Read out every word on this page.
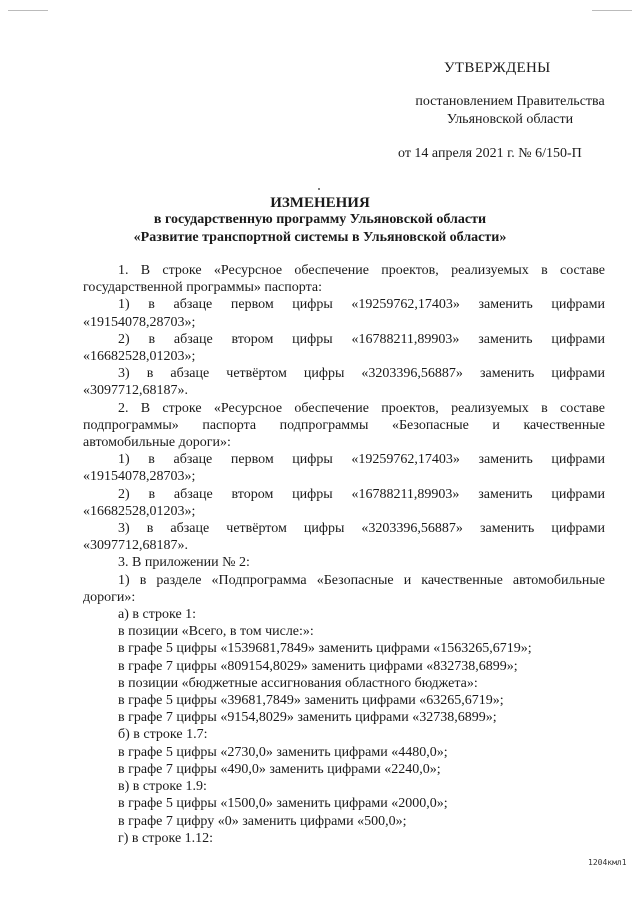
УТВЕРЖДЕНЫ
постановлением Правительства
Ульяновской области
от 14 апреля 2021 г. № 6/150-П
ИЗМЕНЕНИЯ
в государственную программу Ульяновской области
«Развитие транспортной системы в Ульяновской области»

1. В строке «Ресурсное обеспечение проектов, реализуемых в составе

государственной программы» паспорта:

1) в абзаце первом цифры «19259762,17403» заменить цифрами

«19154078,28703»;

2) в абзаце втором цифры «16788211,89903» заменить цифрами

«16682528,01203»;

3) в абзаце четвёртом цифры «3203396,56887» заменить цифрами

«3097712,68187».

2. В строке «Ресурсное обеспечение проектов, реализуемых в составе

подпрограммы» паспорта подпрограммы «Безопасные и качественные

автомобильные дороги»:

1) в абзаце первом цифры «19259762,17403» заменить цифрами

«19154078,28703»;

2) в абзаце втором цифры «16788211,89903» заменить цифрами

«16682528,01203»;

3) в абзаце четвёртом цифры «3203396,56887» заменить цифрами

«3097712,68187».

3. В приложении № 2:

1) в разделе «Подпрограмма «Безопасные и качественные автомобильные

дороги»:

а) в строке 1:

в позиции «Всего, в том числе:»:

в графе 5 цифры «1539681,7849» заменить цифрами «1563265,6719»;

в графе 7 цифры «809154,8029» заменить цифрами «832738,6899»;

в позиции «бюджетные ассигнования областного бюджета»:

в графе 5 цифры «39681,7849» заменить цифрами «63265,6719»;

в графе 7 цифры «9154,8029» заменить цифрами «32738,6899»;

б) в строке 1.7:

в графе 5 цифры «2730,0» заменить цифрами «4480,0»;

в графе 7 цифры «490,0» заменить цифрами «2240,0»;

в) в строке 1.9:

в графе 5 цифры «1500,0» заменить цифрами «2000,0»;

в графе 7 цифру «0» заменить цифрами «500,0»;

г) в строке 1.12:

1204кмл1
